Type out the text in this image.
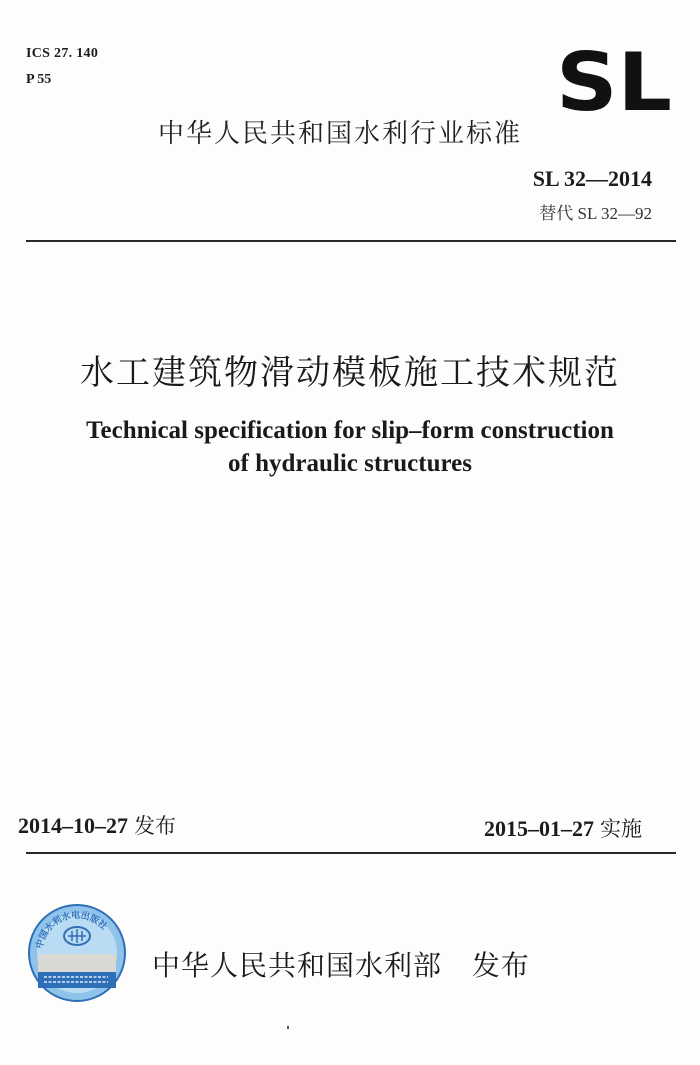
ICS 27. 140
P 55	SL
中华人民共和国水利行业标准
SL 32—2014
替代 SL 32—92
水工建筑物滑动模板施工技术规范
Technical specification for slip–form construction
of hydraulic structures
2014–10–27 发布	2015–01–27 实施
中国水利水电出版社
中华人民共和国水利部 发布
